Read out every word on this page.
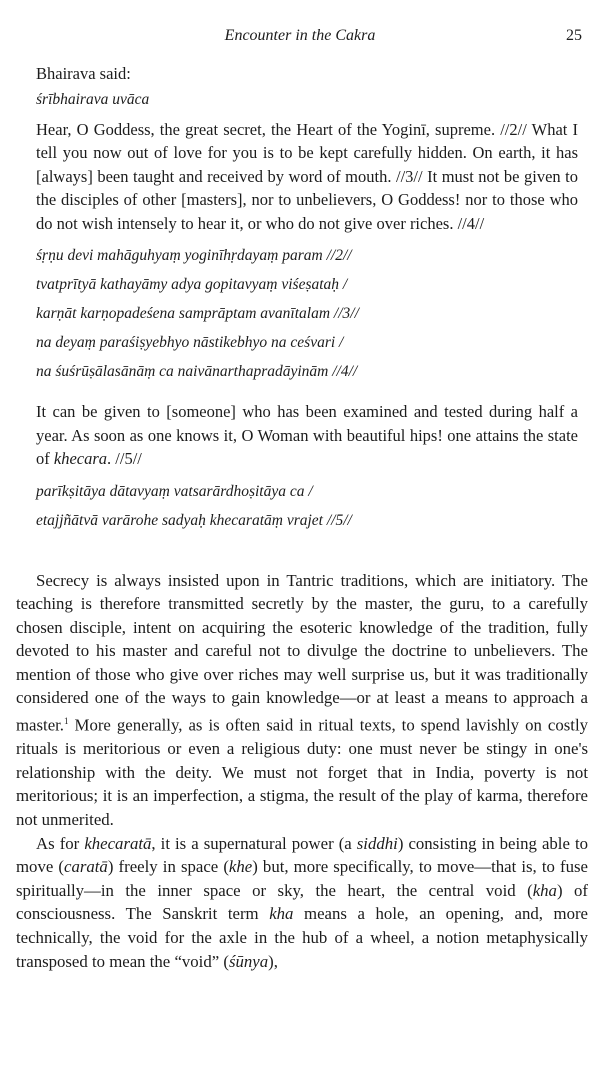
Encounter in the Cakra	25

Bhairava said:

śrībhairava uvāca

Hear, O Goddess, the great secret, the Heart of the Yoginī, supreme. //2// What I tell you now out of love for you is to be kept carefully hidden. On earth, it has [always] been taught and received by word of mouth. //3// It must not be given to the disciples of other [masters], nor to unbelievers, O Goddess! nor to those who do not wish intensely to hear it, or who do not give over riches. //4//

śṛṇu devi mahāguhyaṃ yoginīhṛdayaṃ param //2//

tvatprītyā kathayāmy adya gopitavyaṃ viśeṣataḥ /

karṇāt karṇopadeśena samprāptam avanītalam //3//

na deyaṃ paraśiṣyebhyo nāstikebhyo na ceśvari /

na śuśrūṣālasānāṃ ca naivānarthapradāyinām //4//

It can be given to [someone] who has been examined and tested during half a year. As soon as one knows it, O Woman with beautiful hips! one attains the state of khecara. //5//

parīkṣitāya dātavyaṃ vatsarārdhoṣitāya ca /

etajjñātvā varārohe sadyaḥ khecaratāṃ vrajet //5//

Secrecy is always insisted upon in Tantric traditions, which are initiatory. The teaching is therefore transmitted secretly by the master, the guru, to a carefully chosen disciple, intent on acquiring the esoteric knowledge of the tradition, fully devoted to his master and careful not to divulge the doctrine to unbelievers. The mention of those who give over riches may well surprise us, but it was traditionally considered one of the ways to gain knowledge—or at least a means to approach a master.$^1$ More generally, as is often said in ritual texts, to spend lavishly on costly rituals is meritorious or even a religious duty: one must never be stingy in one's relationship with the deity. We must not forget that in India, poverty is not meritorious; it is an imperfection, a stigma, the result of the play of karma, therefore not unmerited.

As for khecaratā, it is a supernatural power (a siddhi) consisting in being able to move (caratā) freely in space (khe) but, more specifically, to move—that is, to fuse spiritually—in the inner space or sky, the heart, the central void (kha) of consciousness. The Sanskrit term kha means a hole, an opening, and, more technically, the void for the axle in the hub of a wheel, a notion metaphysically transposed to mean the “void” (śūnya),
